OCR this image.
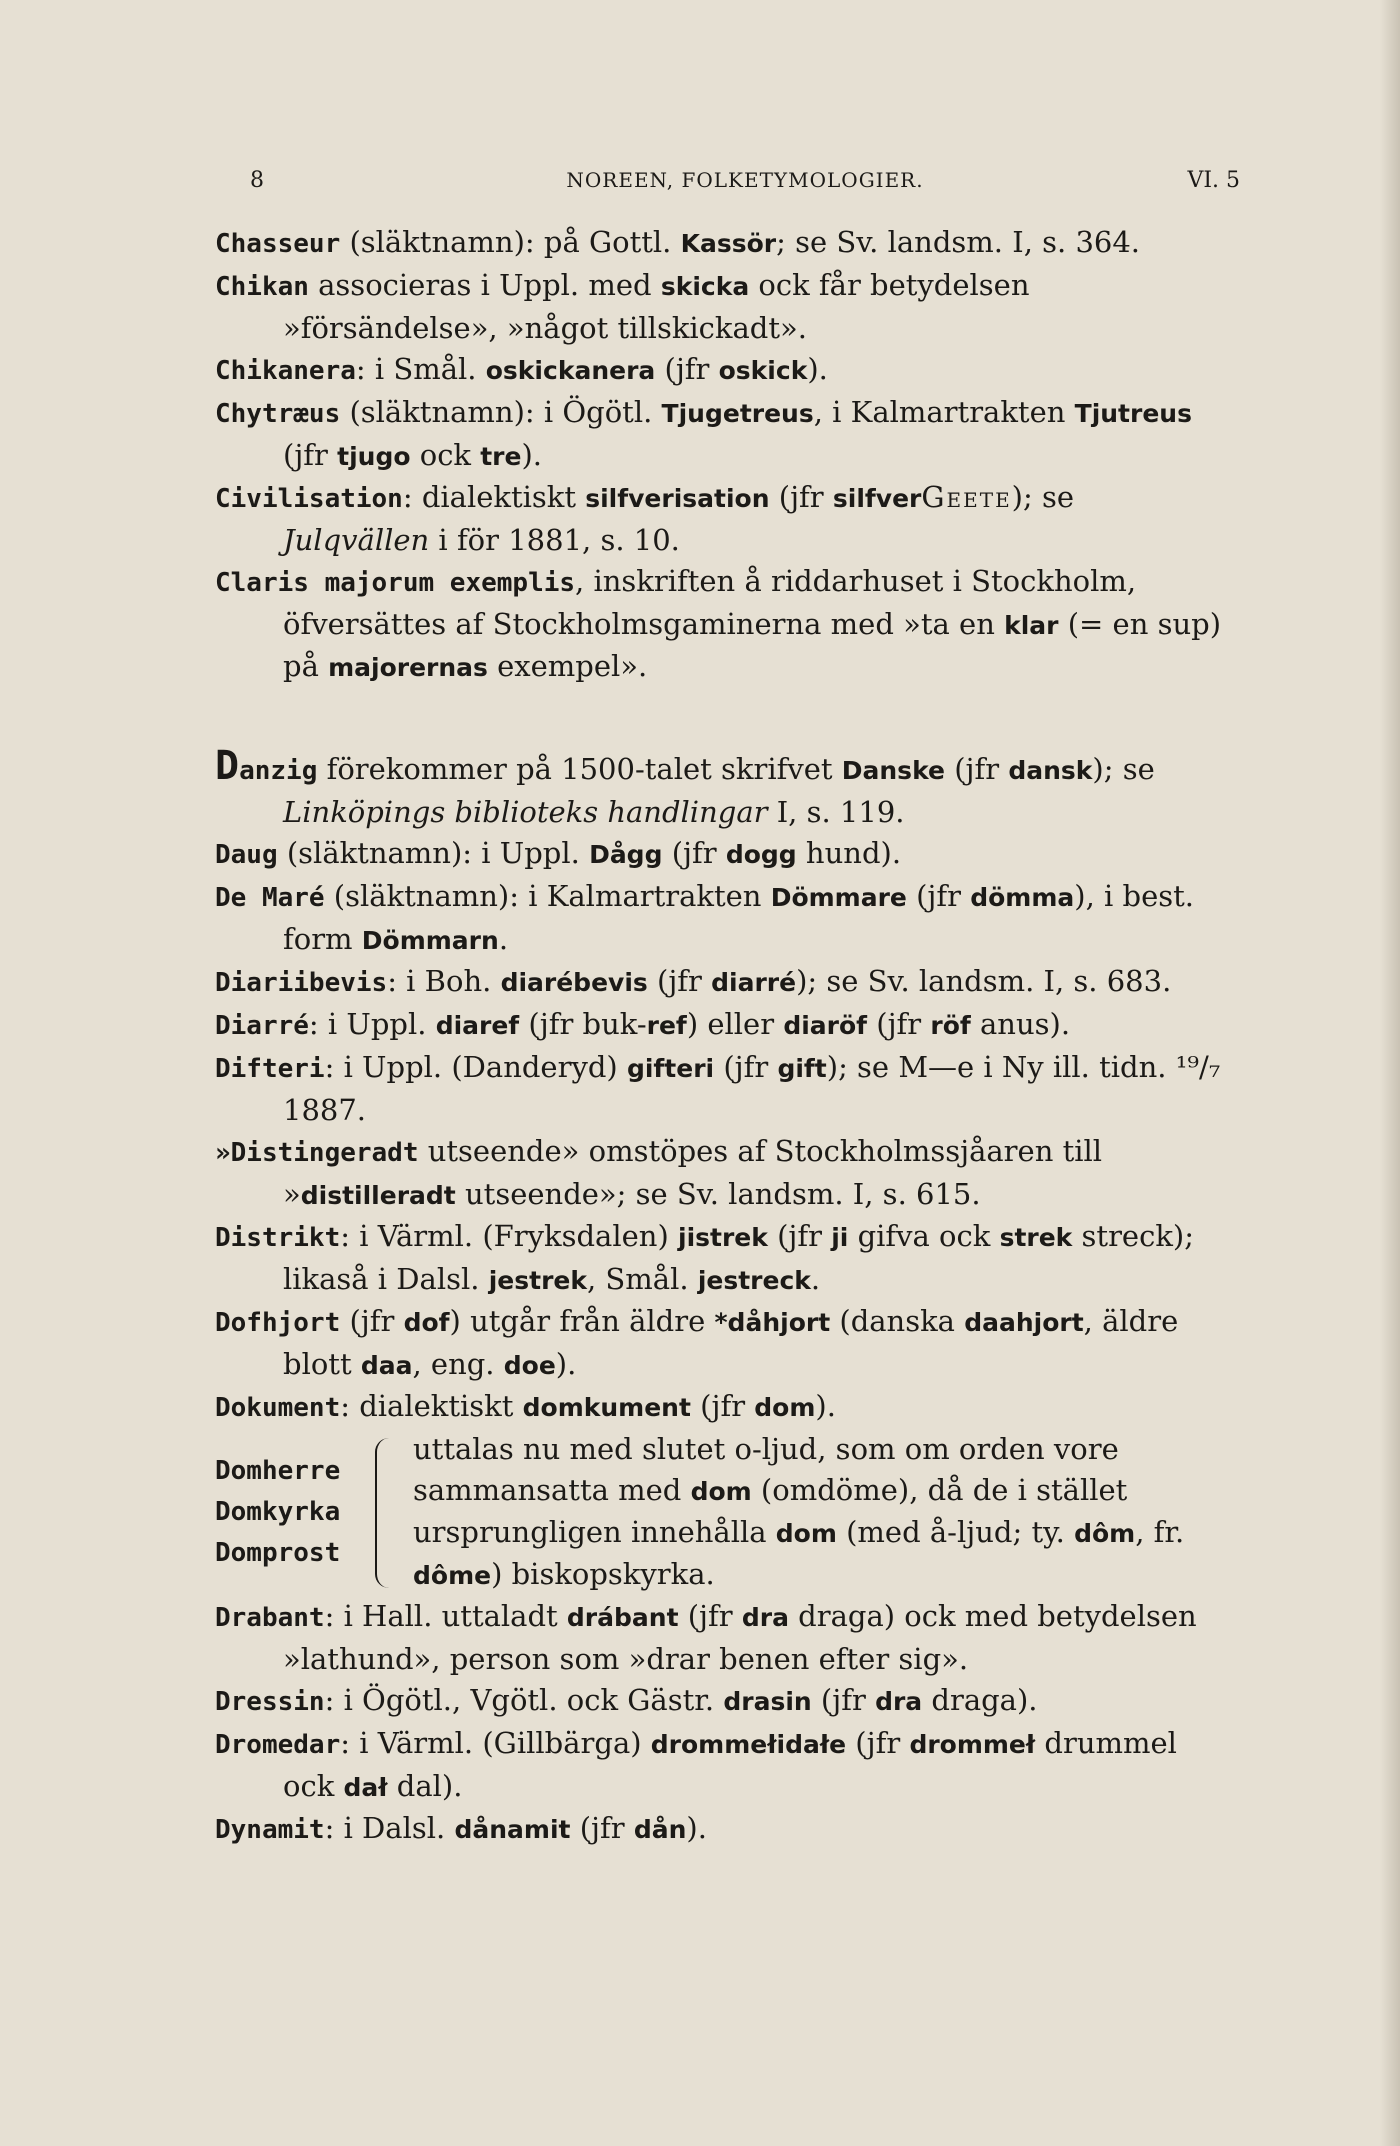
8	NOREEN, FOLKETYMOLOGIER.	VI. 5
Chasseur (släktnamn): på Gottl. Kassör; se Sv. landsm. I, s. 364.
Chikan associeras i Uppl. med skicka ock får betydelsen »försändelse», »något tillskickadt».
Chikanera: i Smål. oskickanera (jfr oskick).
Chytræus (släktnamn): i Ögötl. Tjugetreus, i Kalmartrakten Tjutreus (jfr tjugo ock tre).
Civilisation: dialektiskt silfverisation (jfr silfverGeete); se Julqvällen i för 1881, s. 10.
Claris majorum exemplis, inskriften å riddarhuset i Stockholm, öfversättes af Stockholmsgaminerna med »ta en klar (= en sup) på majorernas exempel».
Danzig förekommer på 1500-talet skrifvet Danske (jfr dansk); se Linköpings biblioteks handlingar I, s. 119.
Daug (släktnamn): i Uppl. Dågg (jfr dogg hund).
De Maré (släktnamn): i Kalmartrakten Dömmare (jfr dömma), i best. form Dömmarn.
Diariibevis: i Boh. diarébevis (jfr diarré); se Sv. landsm. I, s. 683.
Diarré: i Uppl. diaref (jfr buk-ref) eller diaröf (jfr röf anus).
Difteri: i Uppl. (Danderyd) gifteri (jfr gift); se M—e i Ny ill. tidn. ¹⁹/₇ 1887.
»Distingeradt utseende» omstöpes af Stockholmssjåaren till »distilleradt utseende»; se Sv. landsm. I, s. 615.
Distrikt: i Värml. (Fryksdalen) jistrek (jfr ji gifva ock strek streck); likaså i Dalsl. jestrek, Smål. jestreck.
Dofhjort (jfr dof) utgår från äldre *dåhjort (danska daahjort, äldre blott daa, eng. doe).
Dokument: dialektiskt domkument (jfr dom).
Domherre
Domkyrka
Domprost
uttalas nu med slutet o-ljud, som om orden vore sammansatta med dom (omdöme), då de i stället ursprungligen innehålla dom (med å-ljud; ty. dôm, fr. dôme) biskopskyrka.
Drabant: i Hall. uttaladt drábant (jfr dra draga) ock med betydelsen »lathund», person som »drar benen efter sig».
Dressin: i Ögötl., Vgötl. ock Gästr. drasin (jfr dra draga).
Dromedar: i Värml. (Gillbärga) drommełidałe (jfr drommeł drummel ock dał dal).
Dynamit: i Dalsl. dånamit (jfr dån).
